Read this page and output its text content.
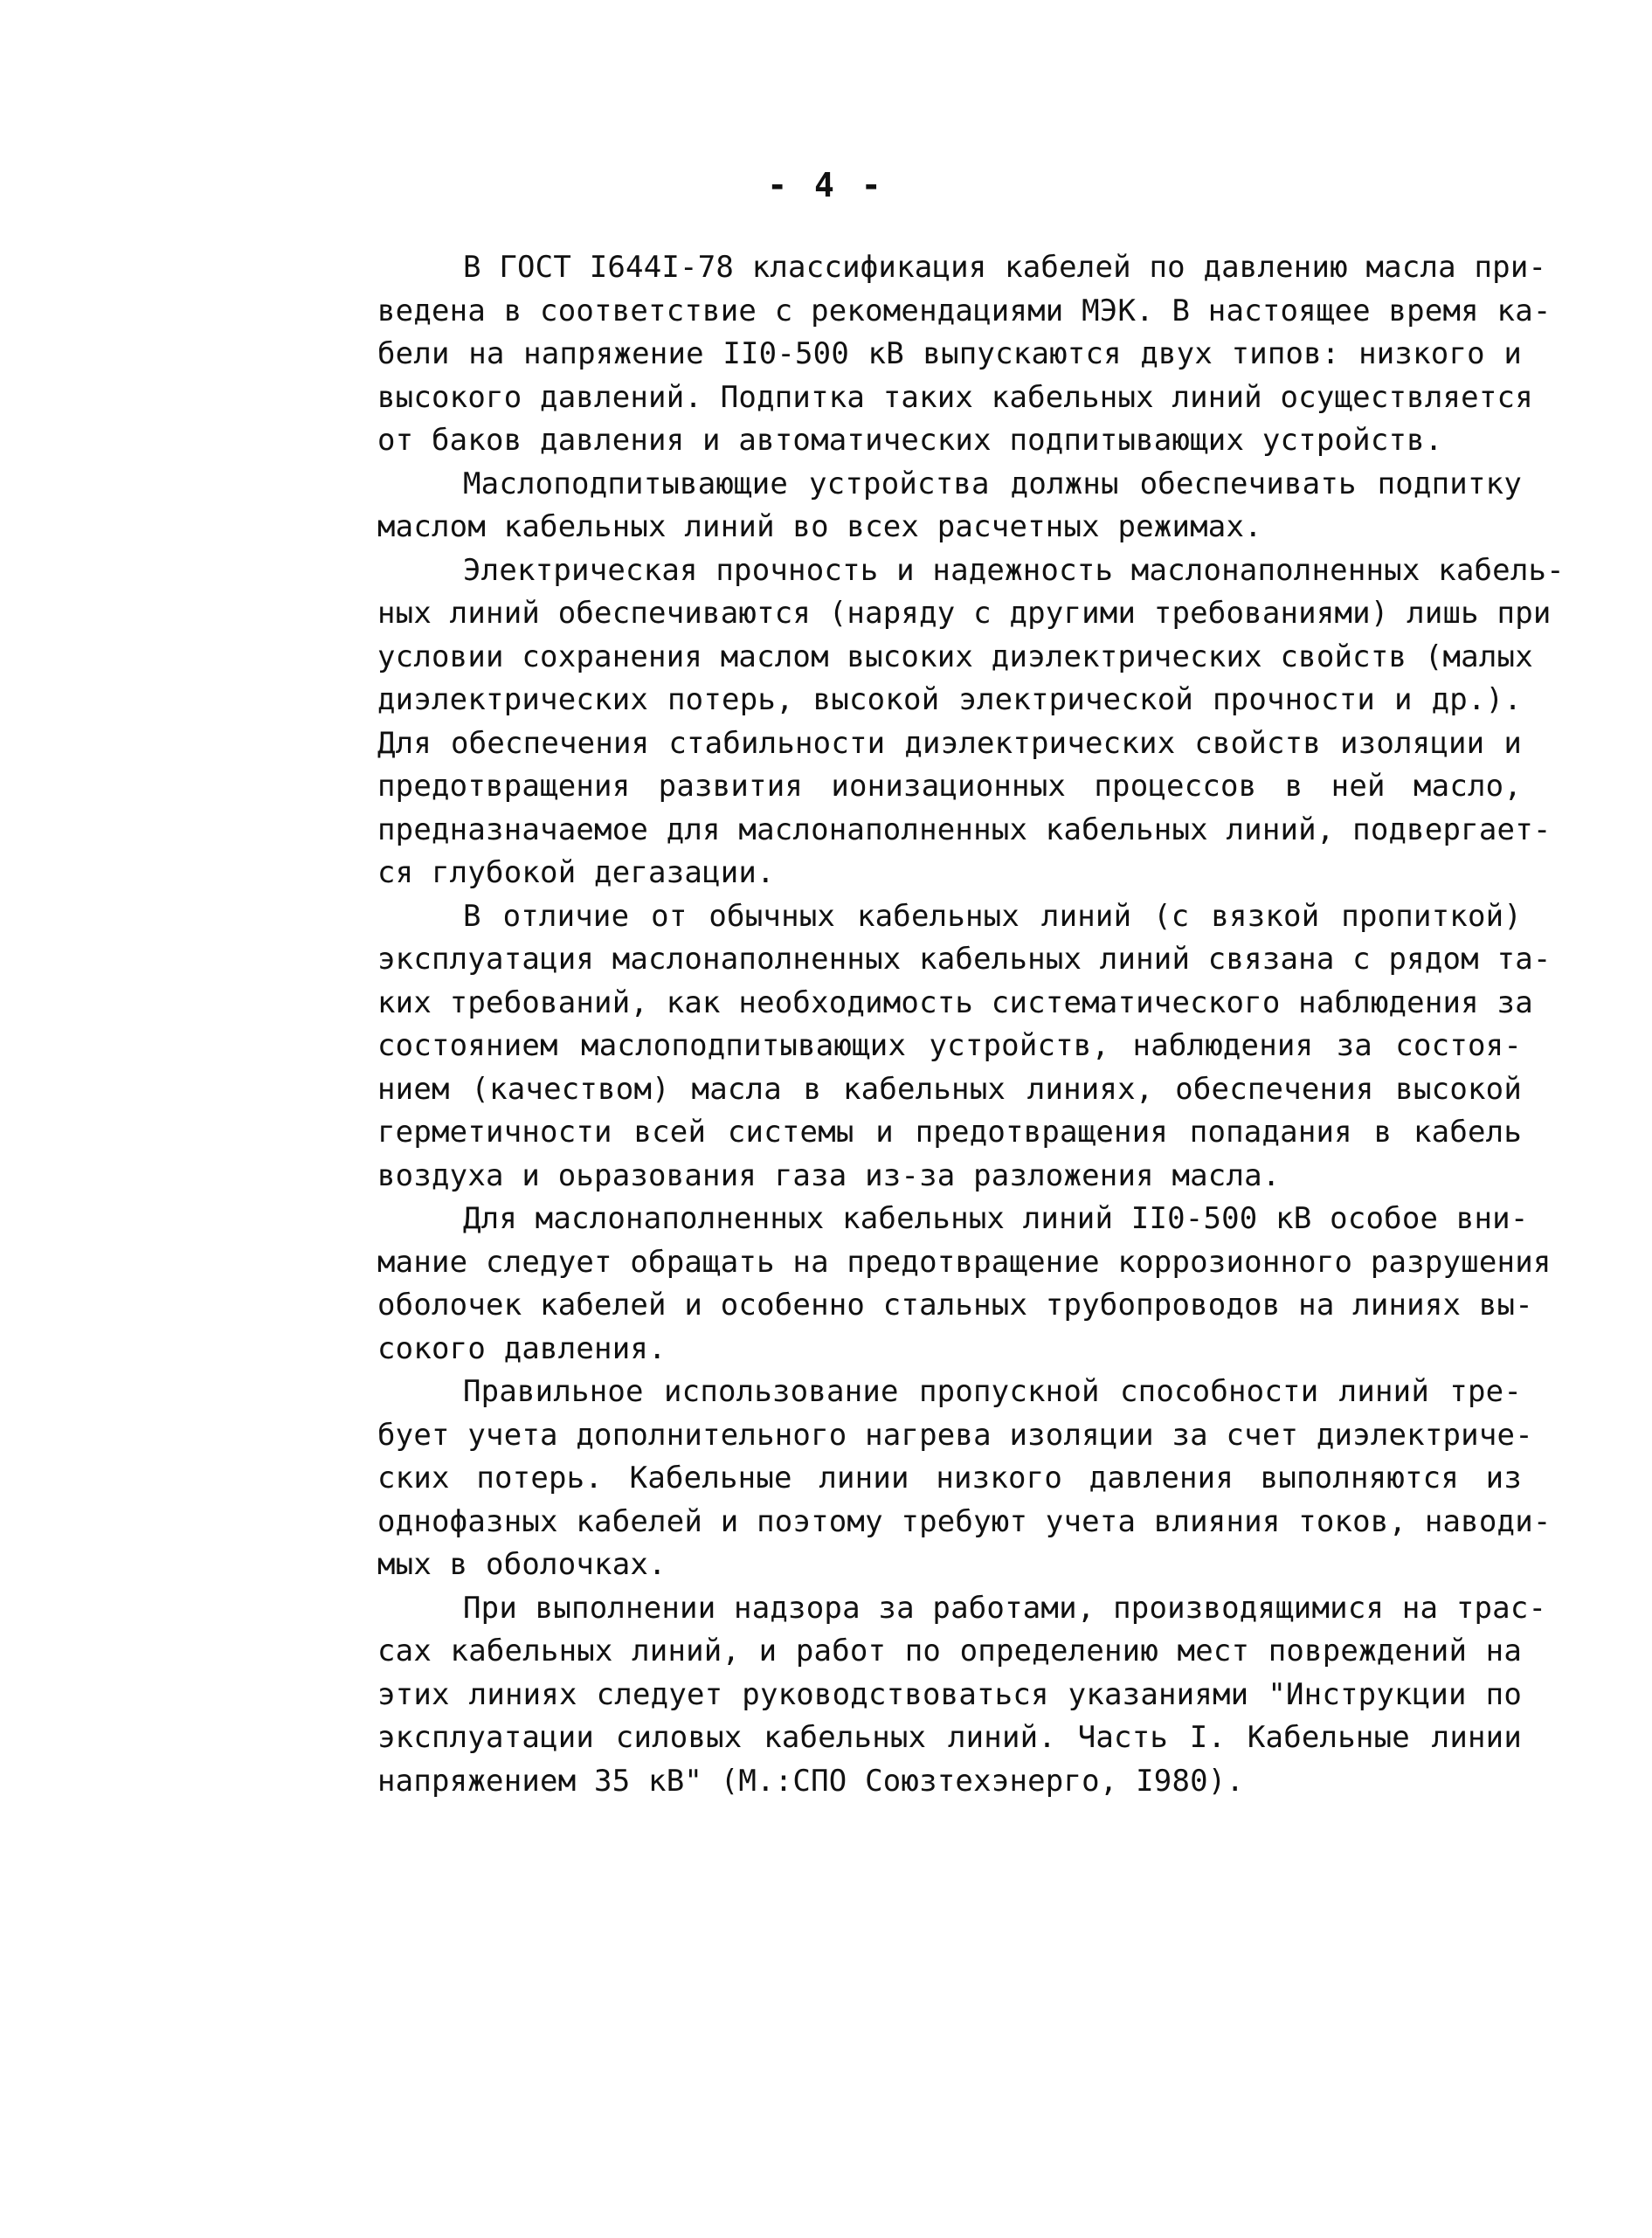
- 4 -
В ГОСТ I644I-78 классификация кабелей по давлению масла при-
ведена в соответствие с рекомендациями МЭК. В настоящее время ка-
бели на напряжение II0-500 кВ выпускаются двух типов: низкого и
высокого давлений. Подпитка таких кабельных линий осуществляется
от баков давления и автоматических подпитывающих устройств.
Маслоподпитывающие устройства должны обеспечивать подпитку
маслом кабельных линий во всех расчетных режимах.
Электрическая прочность и надежность маслонаполненных кабель-
ных линий обеспечиваются (наряду с другими требованиями) лишь при
условии сохранения маслом высоких диэлектрических свойств (малых
диэлектрических потерь, высокой электрической прочности и др.).
Для обеспечения стабильности диэлектрических свойств изоляции и
предотвращения развития ионизационных процессов в ней масло,
предназначаемое для маслонаполненных кабельных линий, подвергает-
ся глубокой дегазации.
В отличие от обычных кабельных линий (с вязкой пропиткой)
эксплуатация маслонаполненных кабельных линий связана с рядом та-
ких требований, как необходимость систематического наблюдения за
состоянием маслоподпитывающих устройств, наблюдения за состоя-
нием (качеством) масла в кабельных линиях, обеспечения высокой
герметичности всей системы и предотвращения попадания в кабель
воздуха и оьразования газа из-за разложения масла.
Для маслонаполненных кабельных линий II0-500 кВ особое вни-
мание следует обращать на предотвращение коррозионного разрушения
оболочек кабелей и особенно стальных трубопроводов на линиях вы-
сокого давления.
Правильное использование пропускной способности линий тре-
бует учета дополнительного нагрева изоляции за счет диэлектриче-
ских потерь. Кабельные линии низкого давления выполняются из
однофазных кабелей и поэтому требуют учета влияния токов, наводи-
мых в оболочках.
При выполнении надзора за работами, производящимися на трас-
сах кабельных линий, и работ по определению мест повреждений на
этих линиях следует руководствоваться указаниями "Инструкции по
эксплуатации силовых кабельных линий. Часть I. Кабельные линии
напряжением 35 кВ" (М.:СПО Союзтехэнерго, I980).
